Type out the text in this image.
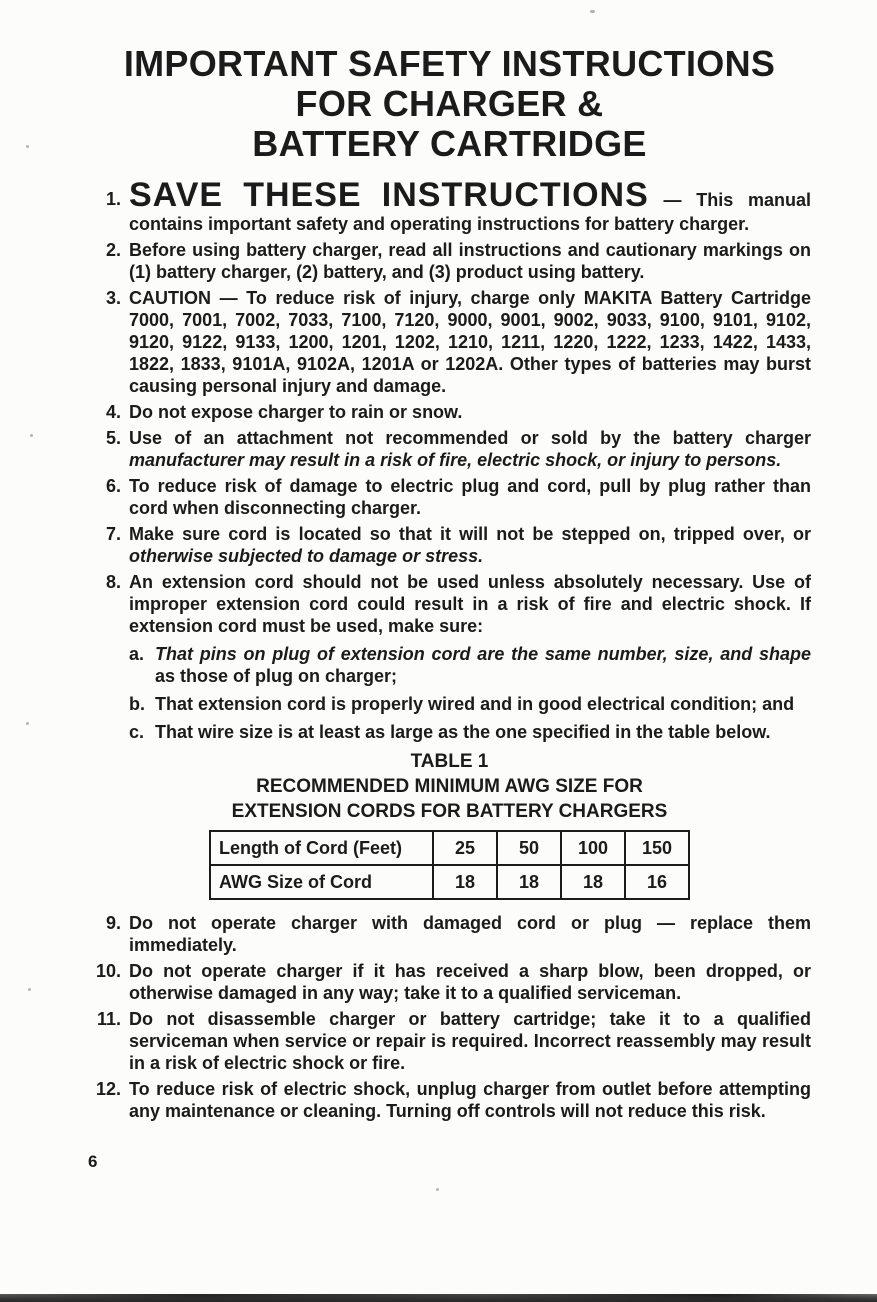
IMPORTANT SAFETY INSTRUCTIONS
FOR CHARGER &
BATTERY CARTRIDGE
1. SAVE THESE INSTRUCTIONS — This manual contains important safety and operating instructions for battery charger.
2. Before using battery charger, read all instructions and cautionary markings on (1) battery charger, (2) battery, and (3) product using battery.
3. CAUTION — To reduce risk of injury, charge only MAKITA Battery Cartridge 7000, 7001, 7002, 7033, 7100, 7120, 9000, 9001, 9002, 9033, 9100, 9101, 9102, 9120, 9122, 9133, 1200, 1201, 1202, 1210, 1211, 1220, 1222, 1233, 1422, 1433, 1822, 1833, 9101A, 9102A, 1201A or 1202A. Other types of batteries may burst causing personal injury and damage.
4. Do not expose charger to rain or snow.
5. Use of an attachment not recommended or sold by the battery charger manufacturer may result in a risk of fire, electric shock, or injury to persons.
6. To reduce risk of damage to electric plug and cord, pull by plug rather than cord when disconnecting charger.
7. Make sure cord is located so that it will not be stepped on, tripped over, or otherwise subjected to damage or stress.
8. An extension cord should not be used unless absolutely necessary. Use of improper extension cord could result in a risk of fire and electric shock. If extension cord must be used, make sure:
a. That pins on plug of extension cord are the same number, size, and shape as those of plug on charger;
b. That extension cord is properly wired and in good electrical condition; and
c. That wire size is at least as large as the one specified in the table below.
TABLE 1
RECOMMENDED MINIMUM AWG SIZE FOR
EXTENSION CORDS FOR BATTERY CHARGERS
Length of Cord (Feet)	25	50	100	150
AWG Size of Cord	18	18	18	16
9. Do not operate charger with damaged cord or plug — replace them immediately.
10. Do not operate charger if it has received a sharp blow, been dropped, or otherwise damaged in any way; take it to a qualified serviceman.
11. Do not disassemble charger or battery cartridge; take it to a qualified serviceman when service or repair is required. Incorrect reassembly may result in a risk of electric shock or fire.
12. To reduce risk of electric shock, unplug charger from outlet before attempting any maintenance or cleaning. Turning off controls will not reduce this risk.
6
